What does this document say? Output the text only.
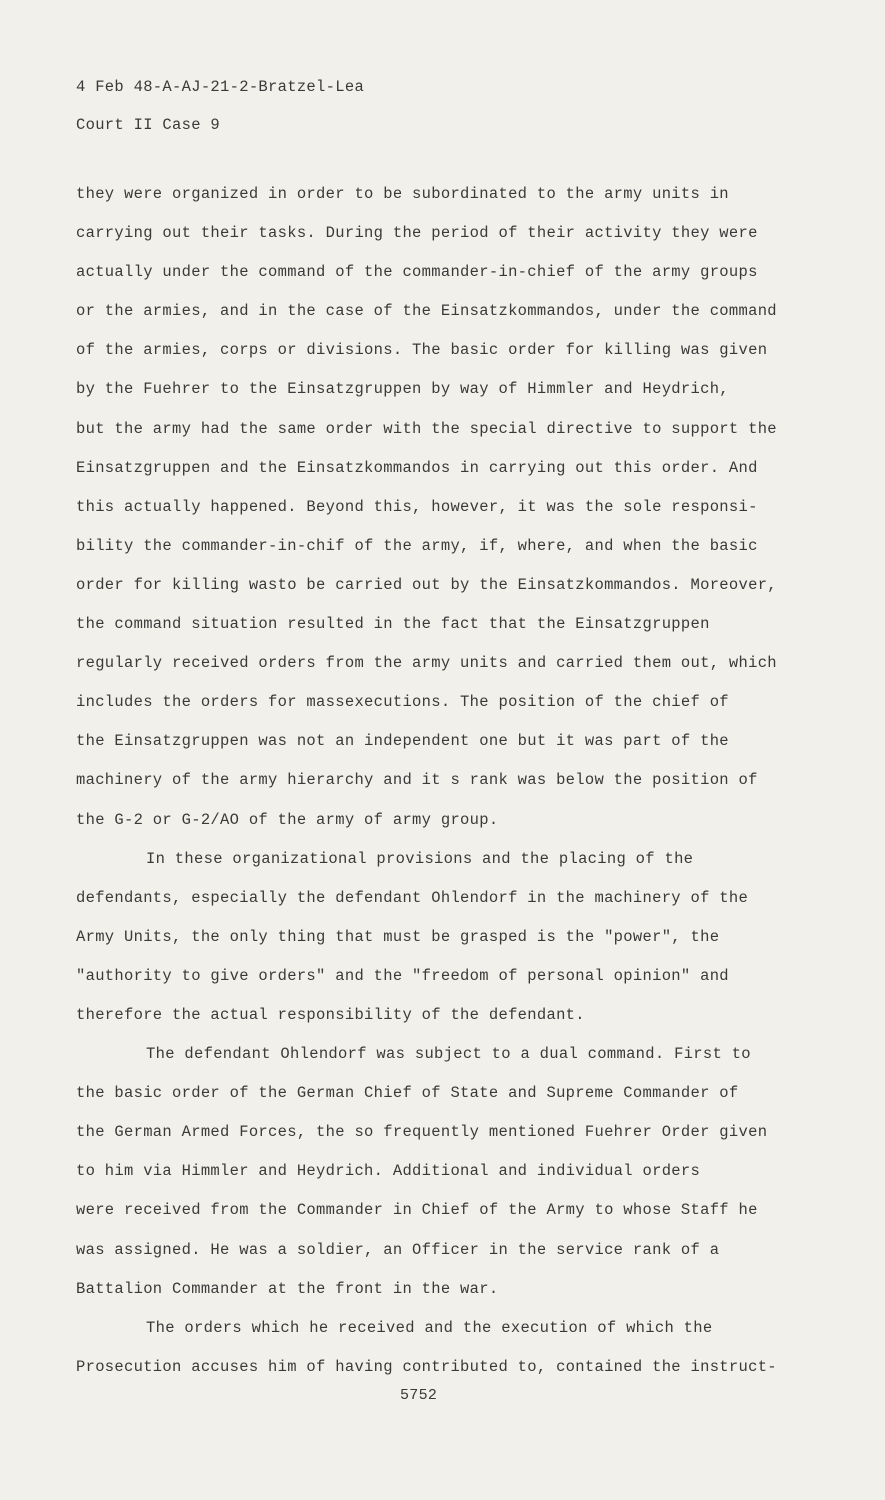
4 Feb 48-A-AJ-21-2-Bratzel-Lea
Court II Case 9
they were organized in order to be subordinated to the army units in
carrying out their tasks. During the period of their activity they were
actually under the command of the commander-in-chief of the army groups
or the armies, and in the case of the Einsatzkommandos, under the command
of the armies, corps or divisions. The basic order for killing was given
by the Fuehrer to the Einsatzgruppen by way of Himmler and Heydrich,
but the army had the same order with the special directive to support the
Einsatzgruppen and the Einsatzkommandos in carrying out this order. And
this actually happened. Beyond this, however, it was the sole responsi-
bility the commander-in-chif of the army, if, where, and when the basic
order for killing wasto be carried out by the Einsatzkommandos. Moreover,
the command situation resulted in the fact that the Einsatzgruppen
regularly received orders from the army units and carried them out, which
includes the orders for massexecutions. The position of the chief of
the Einsatzgruppen was not an independent one but it was part of the
machinery of the army hierarchy and it s rank was below the position of
the G-2 or G-2/AO of the army of army group.
In these organizational provisions and the placing of the
defendants, especially the defendant Ohlendorf in the machinery of the
Army Units, the only thing that must be grasped is the "power", the
"authority to give orders" and the "freedom of personal opinion" and
therefore the actual responsibility of the defendant.
The defendant Ohlendorf was subject to a dual command. First to
the basic order of the German Chief of State and Supreme Commander of
the German Armed Forces, the so frequently mentioned Fuehrer Order given
to him via Himmler and Heydrich. Additional and individual orders
were received from the Commander in Chief of the Army to whose Staff he
was assigned. He was a soldier, an Officer in the service rank of a
Battalion Commander at the front in the war.
The orders which he received and the execution of which the
Prosecution accuses him of having contributed to, contained the instruct-
5752
